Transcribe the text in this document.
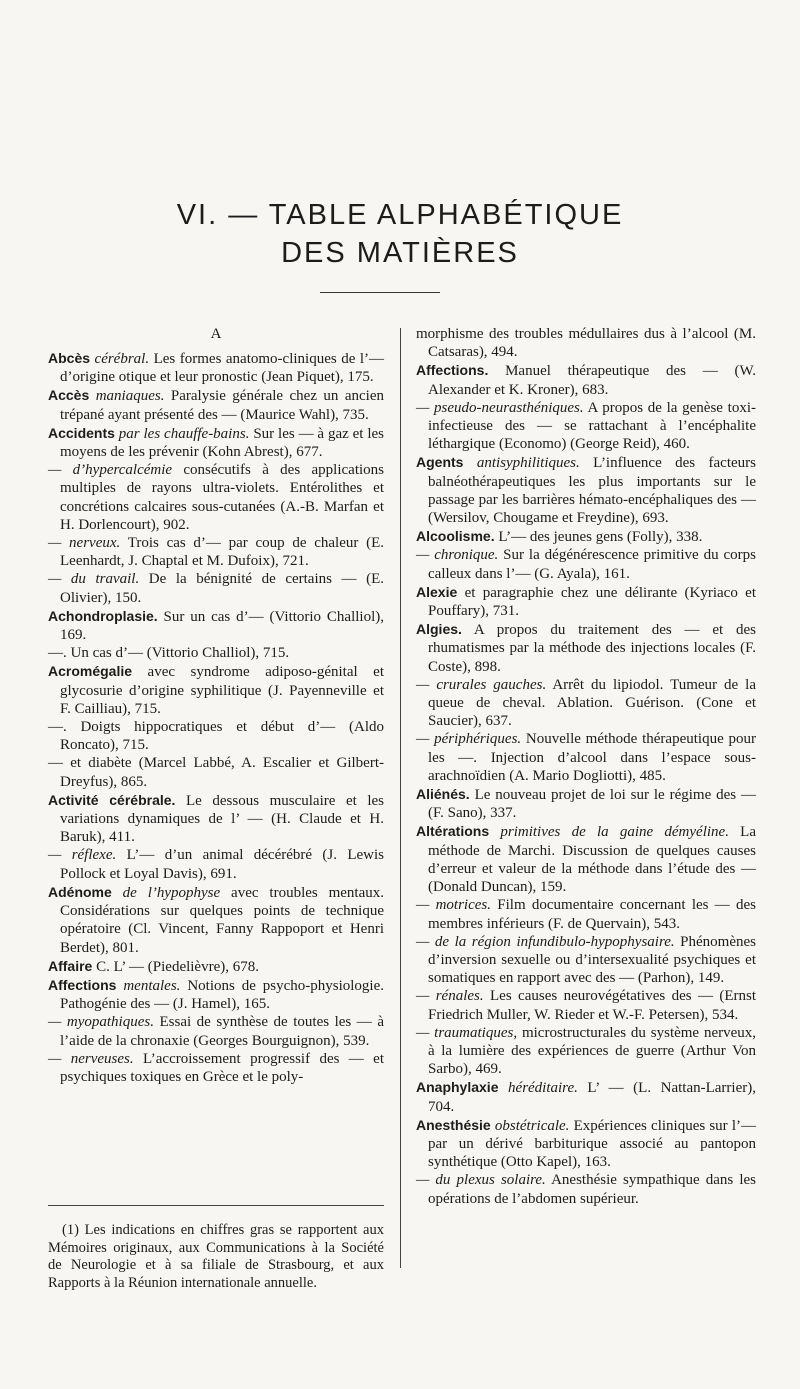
VI. — TABLE ALPHABÉTIQUE
DES MATIÈRES
A

Abcès cérébral. Les formes anatomo-cliniques de l’— d’origine otique et leur pronostic (Jean Piquet), 175.

Accès maniaques. Paralysie générale chez un ancien trépané ayant présenté des — (Maurice Wahl), 735.

Accidents par les chauffe-bains. Sur les — à gaz et les moyens de les prévenir (Kohn Abrest), 677.

— d’hypercalcémie consécutifs à des applications multiples de rayons ultra-violets. Entérolithes et concrétions calcaires sous-cutanées (A.-B. Marfan et H. Dorlencourt), 902.

— nerveux. Trois cas d’— par coup de chaleur (E. Leenhardt, J. Chaptal et M. Dufoix), 721.

— du travail. De la bénignité de certains — (E. Olivier), 150.

Achondroplasie. Sur un cas d’— (Vittorio Challiol), 169.

—. Un cas d’— (Vittorio Challiol), 715.

Acromégalie avec syndrome adiposo-génital et glycosurie d’origine syphilitique (J. Payenneville et F. Cailliau), 715.

—. Doigts hippocratiques et début d’— (Aldo Roncato), 715.

— et diabète (Marcel Labbé, A. Escalier et Gilbert-Dreyfus), 865.

Activité cérébrale. Le dessous musculaire et les variations dynamiques de l’ — (H. Claude et H. Baruk), 411.

— réflexe. L’— d’un animal décérébré (J. Lewis Pollock et Loyal Davis), 691.

Adénome de l’hypophyse avec troubles mentaux. Considérations sur quelques points de technique opératoire (Cl. Vincent, Fanny Rappoport et Henri Berdet), 801.

Affaire C. L’ — (Piedelièvre), 678.

Affections mentales. Notions de psycho-physiologie. Pathogénie des — (J. Hamel), 165.

— myopathiques. Essai de synthèse de toutes les — à l’aide de la chronaxie (Georges Bourguignon), 539.

— nerveuses. L’accroissement progressif des — et psychiques toxiques en Grèce et le poly-

morphisme des troubles médullaires dus à l’alcool (M. Catsaras), 494.

Affections. Manuel thérapeutique des — (W. Alexander et K. Kroner), 683.

— pseudo-neurasthéniques. A propos de la genèse toxi-infectieuse des — se rattachant à l’encéphalite léthargique (Economo) (George Reid), 460.

Agents antisyphilitiques. L’influence des facteurs balnéothérapeutiques les plus importants sur le passage par les barrières hémato-encéphaliques des — (Wersilov, Chougame et Freydine), 693.

Alcoolisme. L’— des jeunes gens (Folly), 338.

— chronique. Sur la dégénérescence primitive du corps calleux dans l’— (G. Ayala), 161.

Alexie et paragraphie chez une délirante (Kyriaco et Pouffary), 731.

Algies. A propos du traitement des — et des rhumatismes par la méthode des injections locales (F. Coste), 898.

— crurales gauches. Arrêt du lipiodol. Tumeur de la queue de cheval. Ablation. Guérison. (Cone et Saucier), 637.

— périphériques. Nouvelle méthode thérapeutique pour les —. Injection d’alcool dans l’espace sous-arachnoïdien (A. Mario Dogliotti), 485.

Aliénés. Le nouveau projet de loi sur le régime des — (F. Sano), 337.

Altérations primitives de la gaine démyéline. La méthode de Marchi. Discussion de quelques causes d’erreur et valeur de la méthode dans l’étude des — (Donald Duncan), 159.

— motrices. Film documentaire concernant les — des membres inférieurs (F. de Quervain), 543.

— de la région infundibulo-hypophysaire. Phénomènes d’inversion sexuelle ou d’intersexualité psychiques et somatiques en rapport avec des — (Parhon), 149.

— rénales. Les causes neurovégétatives des — (Ernst Friedrich Muller, W. Rieder et W.-F. Petersen), 534.

— traumatiques, microstructurales du système nerveux, à la lumière des expériences de guerre (Arthur Von Sarbo), 469.

Anaphylaxie héréditaire. L’ — (L. Nattan-Larrier), 704.

Anesthésie obstétricale. Expériences cliniques sur l’— par un dérivé barbiturique associé au pantopon synthétique (Otto Kapel), 163.

— du plexus solaire. Anesthésie sympathique dans les opérations de l’abdomen supérieur.

(1) Les indications en chiffres gras se rapportent aux Mémoires originaux, aux Communications à la Société de Neurologie et à sa filiale de Strasbourg, et aux Rapports à la Réunion internationale annuelle.
